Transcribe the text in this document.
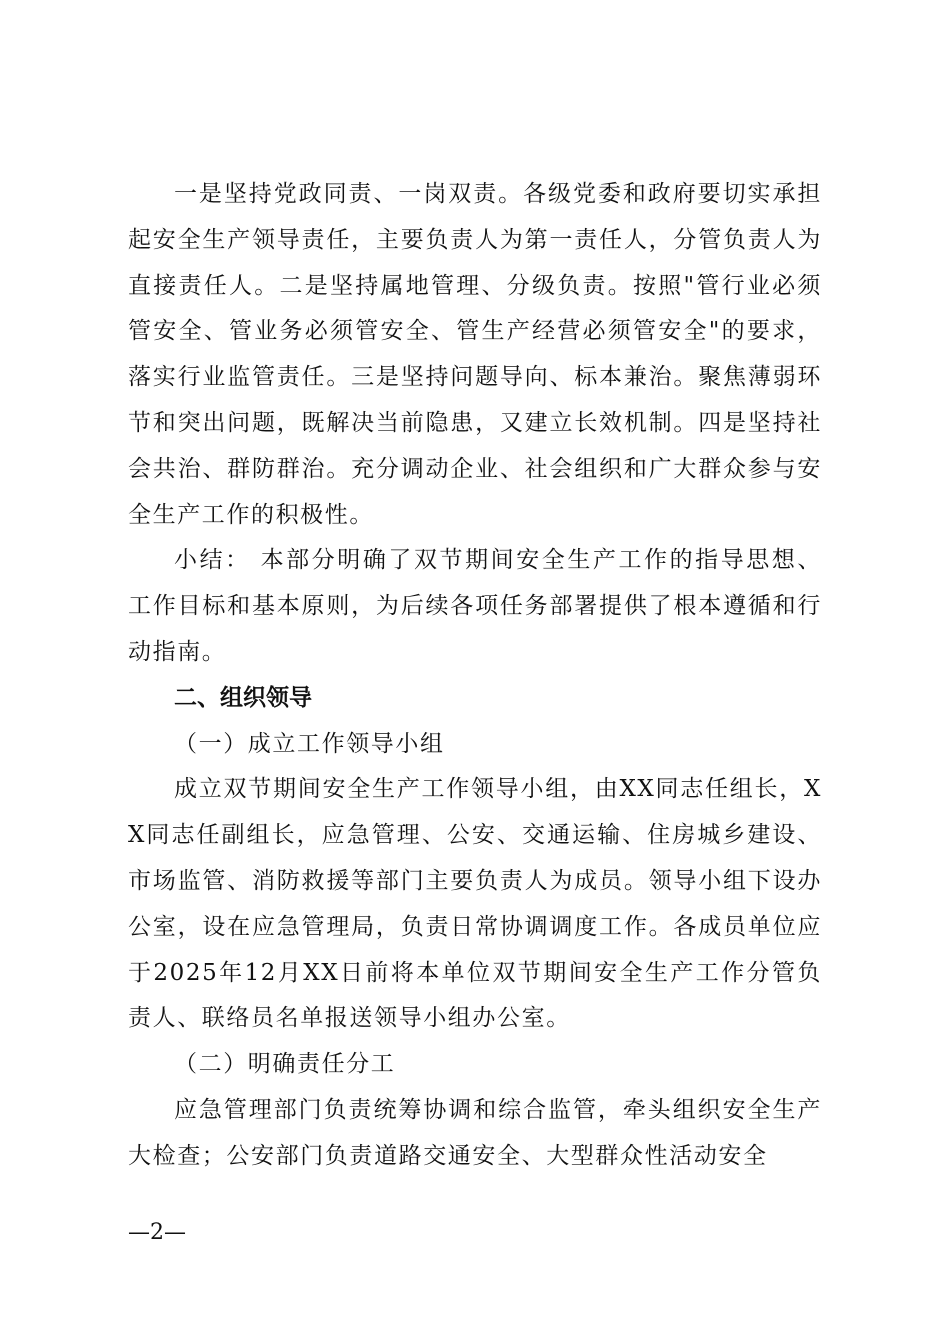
一是坚持党政同责、一岗双责。各级党委和政府要切实承担起安全生产领导责任，主要负责人为第一责任人，分管负责人为直接责任人。二是坚持属地管理、分级负责。按照"管行业必须管安全、管业务必须管安全、管生产经营必须管安全"的要求，落实行业监管责任。三是坚持问题导向、标本兼治。聚焦薄弱环节和突出问题，既解决当前隐患，又建立长效机制。四是坚持社会共治、群防群治。充分调动企业、社会组织和广大群众参与安全生产工作的积极性。

小结： 本部分明确了双节期间安全生产工作的指导思想、工作目标和基本原则，为后续各项任务部署提供了根本遵循和行动指南。

二、组织领导

（一）成立工作领导小组

成立双节期间安全生产工作领导小组，由XX同志任组长，XX同志任副组长，应急管理、公安、交通运输、住房城乡建设、市场监管、消防救援等部门主要负责人为成员。领导小组下设办公室，设在应急管理局，负责日常协调调度工作。各成员单位应于2025年12月XX日前将本单位双节期间安全生产工作分管负责人、联络员名单报送领导小组办公室。

（二）明确责任分工

应急管理部门负责统筹协调和综合监管，牵头组织安全生产大检查；公安部门负责道路交通安全、大型群众性活动安全

—2—
